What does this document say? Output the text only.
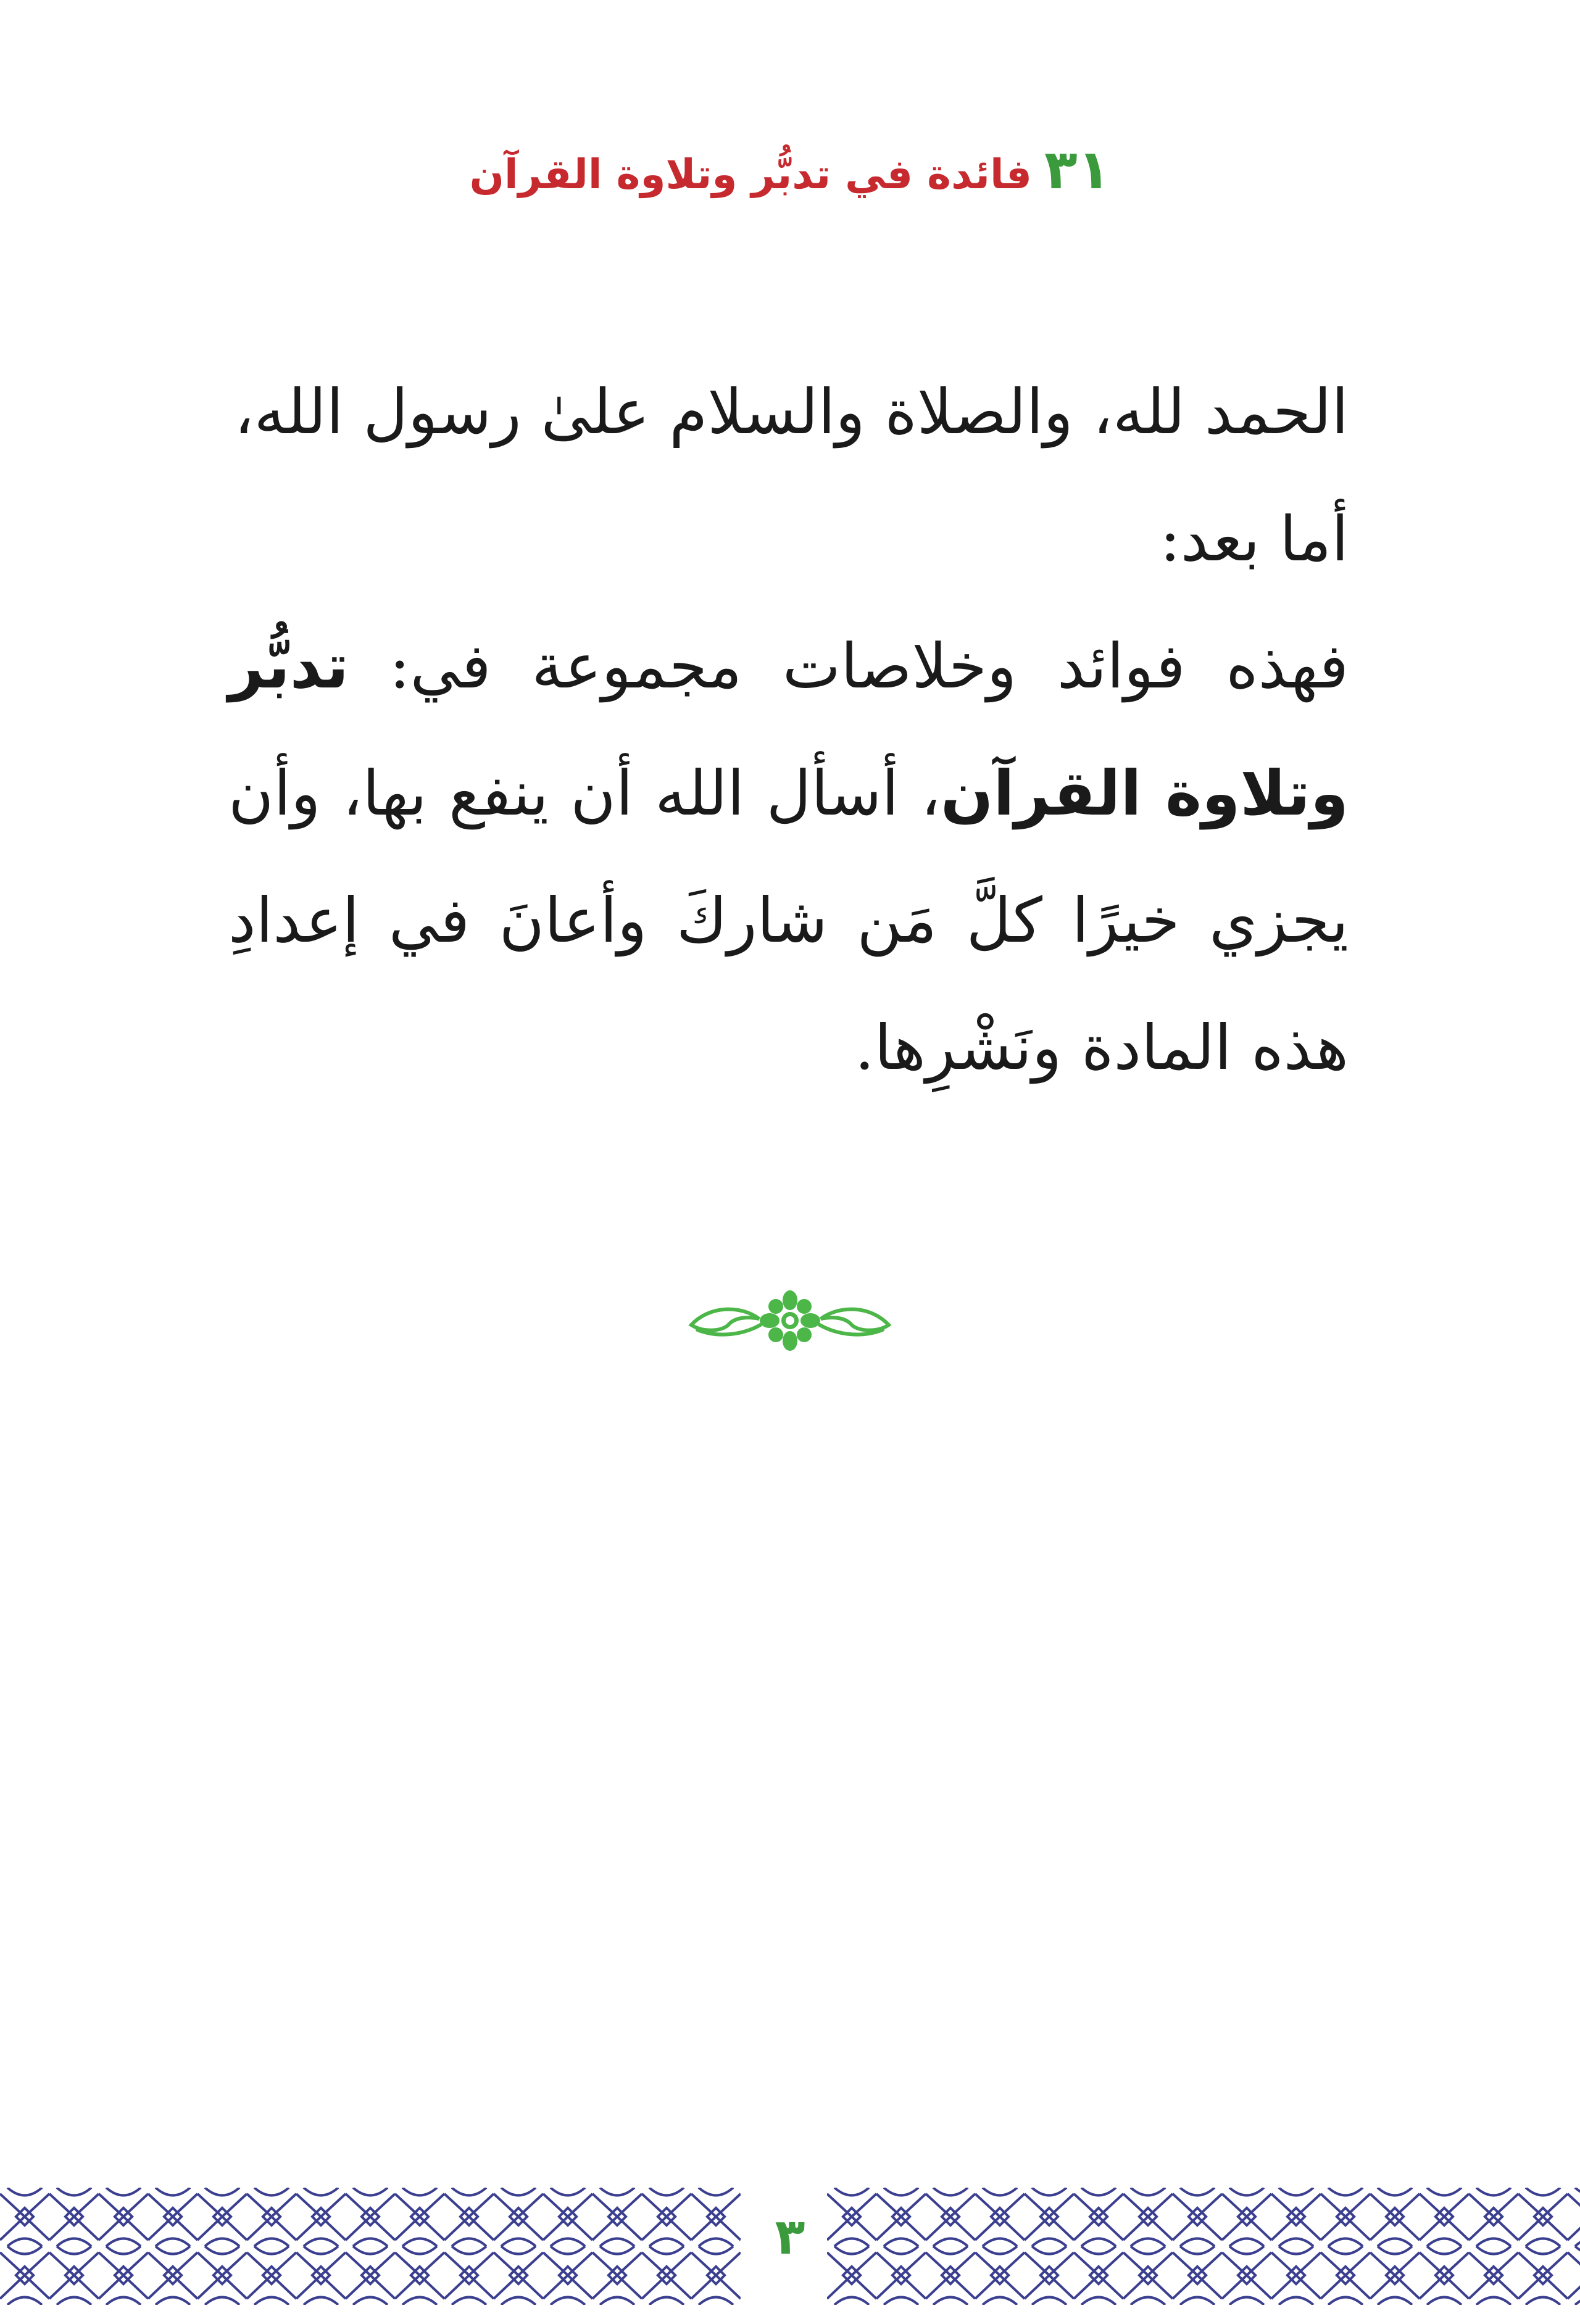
٣١فائدة في تدبُّر وتلاوة القرآن

الحمد لله، والصلاة والسلام علىٰ رسول الله،

أما بعد:

فهذه فوائد وخلاصات مجموعة في: تدبُّر وتلاوة القرآن، أسأل الله أن ينفع بها، وأن يجزي خيرًا كلَّ مَن شاركَ وأعانَ في إعدادِ هذه المادة ونَشْرِها.

٣
